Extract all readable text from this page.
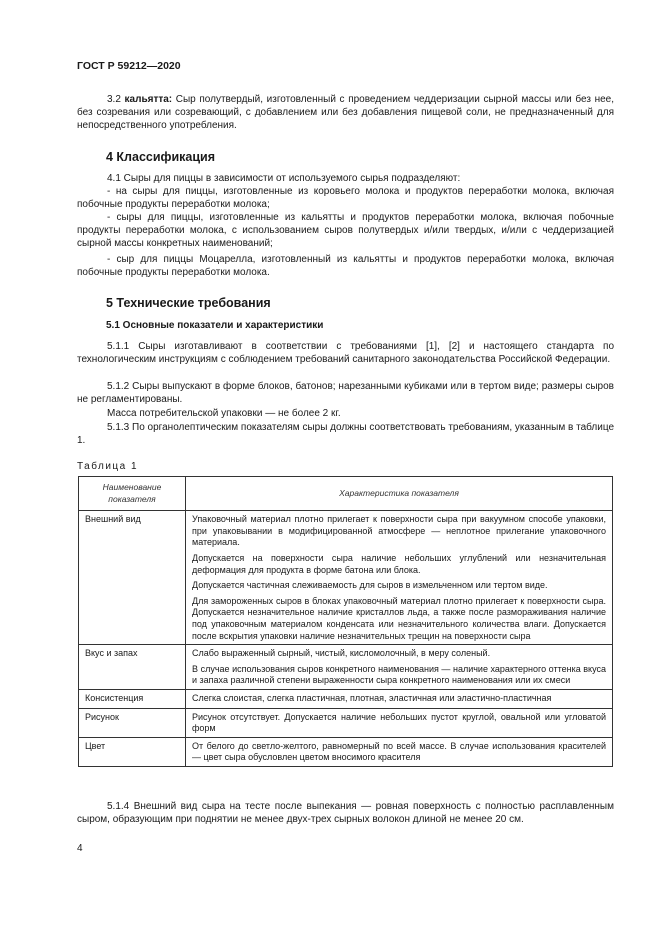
ГОСТ Р 59212—2020

3.2 кальятта: Сыр полутвердый, изготовленный с проведением чеддеризации сырной массы или без нее, без созревания или созревающий, с добавлением или без добавления пищевой соли, не предназначенный для непосредственного употребления.

4 Классификация

4.1 Сыры для пиццы в зависимости от используемого сырья подразделяют:

- на сыры для пиццы, изготовленные из коровьего молока и продуктов переработки молока, включая побочные продукты переработки молока;

- сыры для пиццы, изготовленные из кальятты и продуктов переработки молока, включая побочные продукты переработки молока, с использованием сыров полутвердых и/или твердых, и/или с чеддеризацией сырной массы конкретных наименований;

- сыр для пиццы Моцарелла, изготовленный из кальятты и продуктов переработки молока, включая побочные продукты переработки молока.

5 Технические требования
5.1 Основные показатели и характеристики

5.1.1 Сыры изготавливают в соответствии с требованиями [1], [2] и настоящего стандарта по технологическим инструкциям с соблюдением требований санитарного законодательства Российской Федерации.

5.1.2 Сыры выпускают в форме блоков, батонов; нарезанными кубиками или в тертом виде; размеры сыров не регламентированы.

Масса потребительской упаковки — не более 2 кг.

5.1.3 По органолептическим показателям сыры должны соответствовать требованиям, указанным в таблице 1.

Таблица 1
Наименование показателя	Характеристика показателя
Внешний вид	Упаковочный материал плотно прилегает к поверхности сыра при вакуумном способе упаковки, при упаковывании в модифицированной атмосфере — неплотное прилегание упаковочного материала.

Допускается на поверхности сыра наличие небольших углублений или незначительная деформация для продукта в форме батона или блока.

Допускается частичная слеживаемость для сыров в измельченном или тертом виде.

Для замороженных сыров в блоках упаковочный материал плотно прилегает к поверхности сыра. Допускается незначительное наличие кристаллов льда, а также после размораживания наличие под упаковочным материалом конденсата или незначительного количества влаги. Допускается после вскрытия упаковки наличие незначительных трещин на поверхности сыра

Вкус и запах	Слабо выраженный сырный, чистый, кисломолочный, в меру соленый.

В случае использования сыров конкретного наименования — наличие характерного оттенка вкуса и запаха различной степени выраженности сыра конкретного наименования или их смеси

Консистенция	Слегка слоистая, слегка пластичная, плотная, эластичная или эластично-пластичная

Рисунок	Рисунок отсутствует. Допускается наличие небольших пустот круглой, овальной или угловатой форм

Цвет	От белого до светло-желтого, равномерный по всей массе. В случае использования красителей — цвет сыра обусловлен цветом вносимого красителя

5.1.4 Внешний вид сыра на тесте после выпекания — ровная поверхность с полностью расплавленным сыром, образующим при поднятии не менее двух-трех сырных волокон длиной не менее 20 см.

4
